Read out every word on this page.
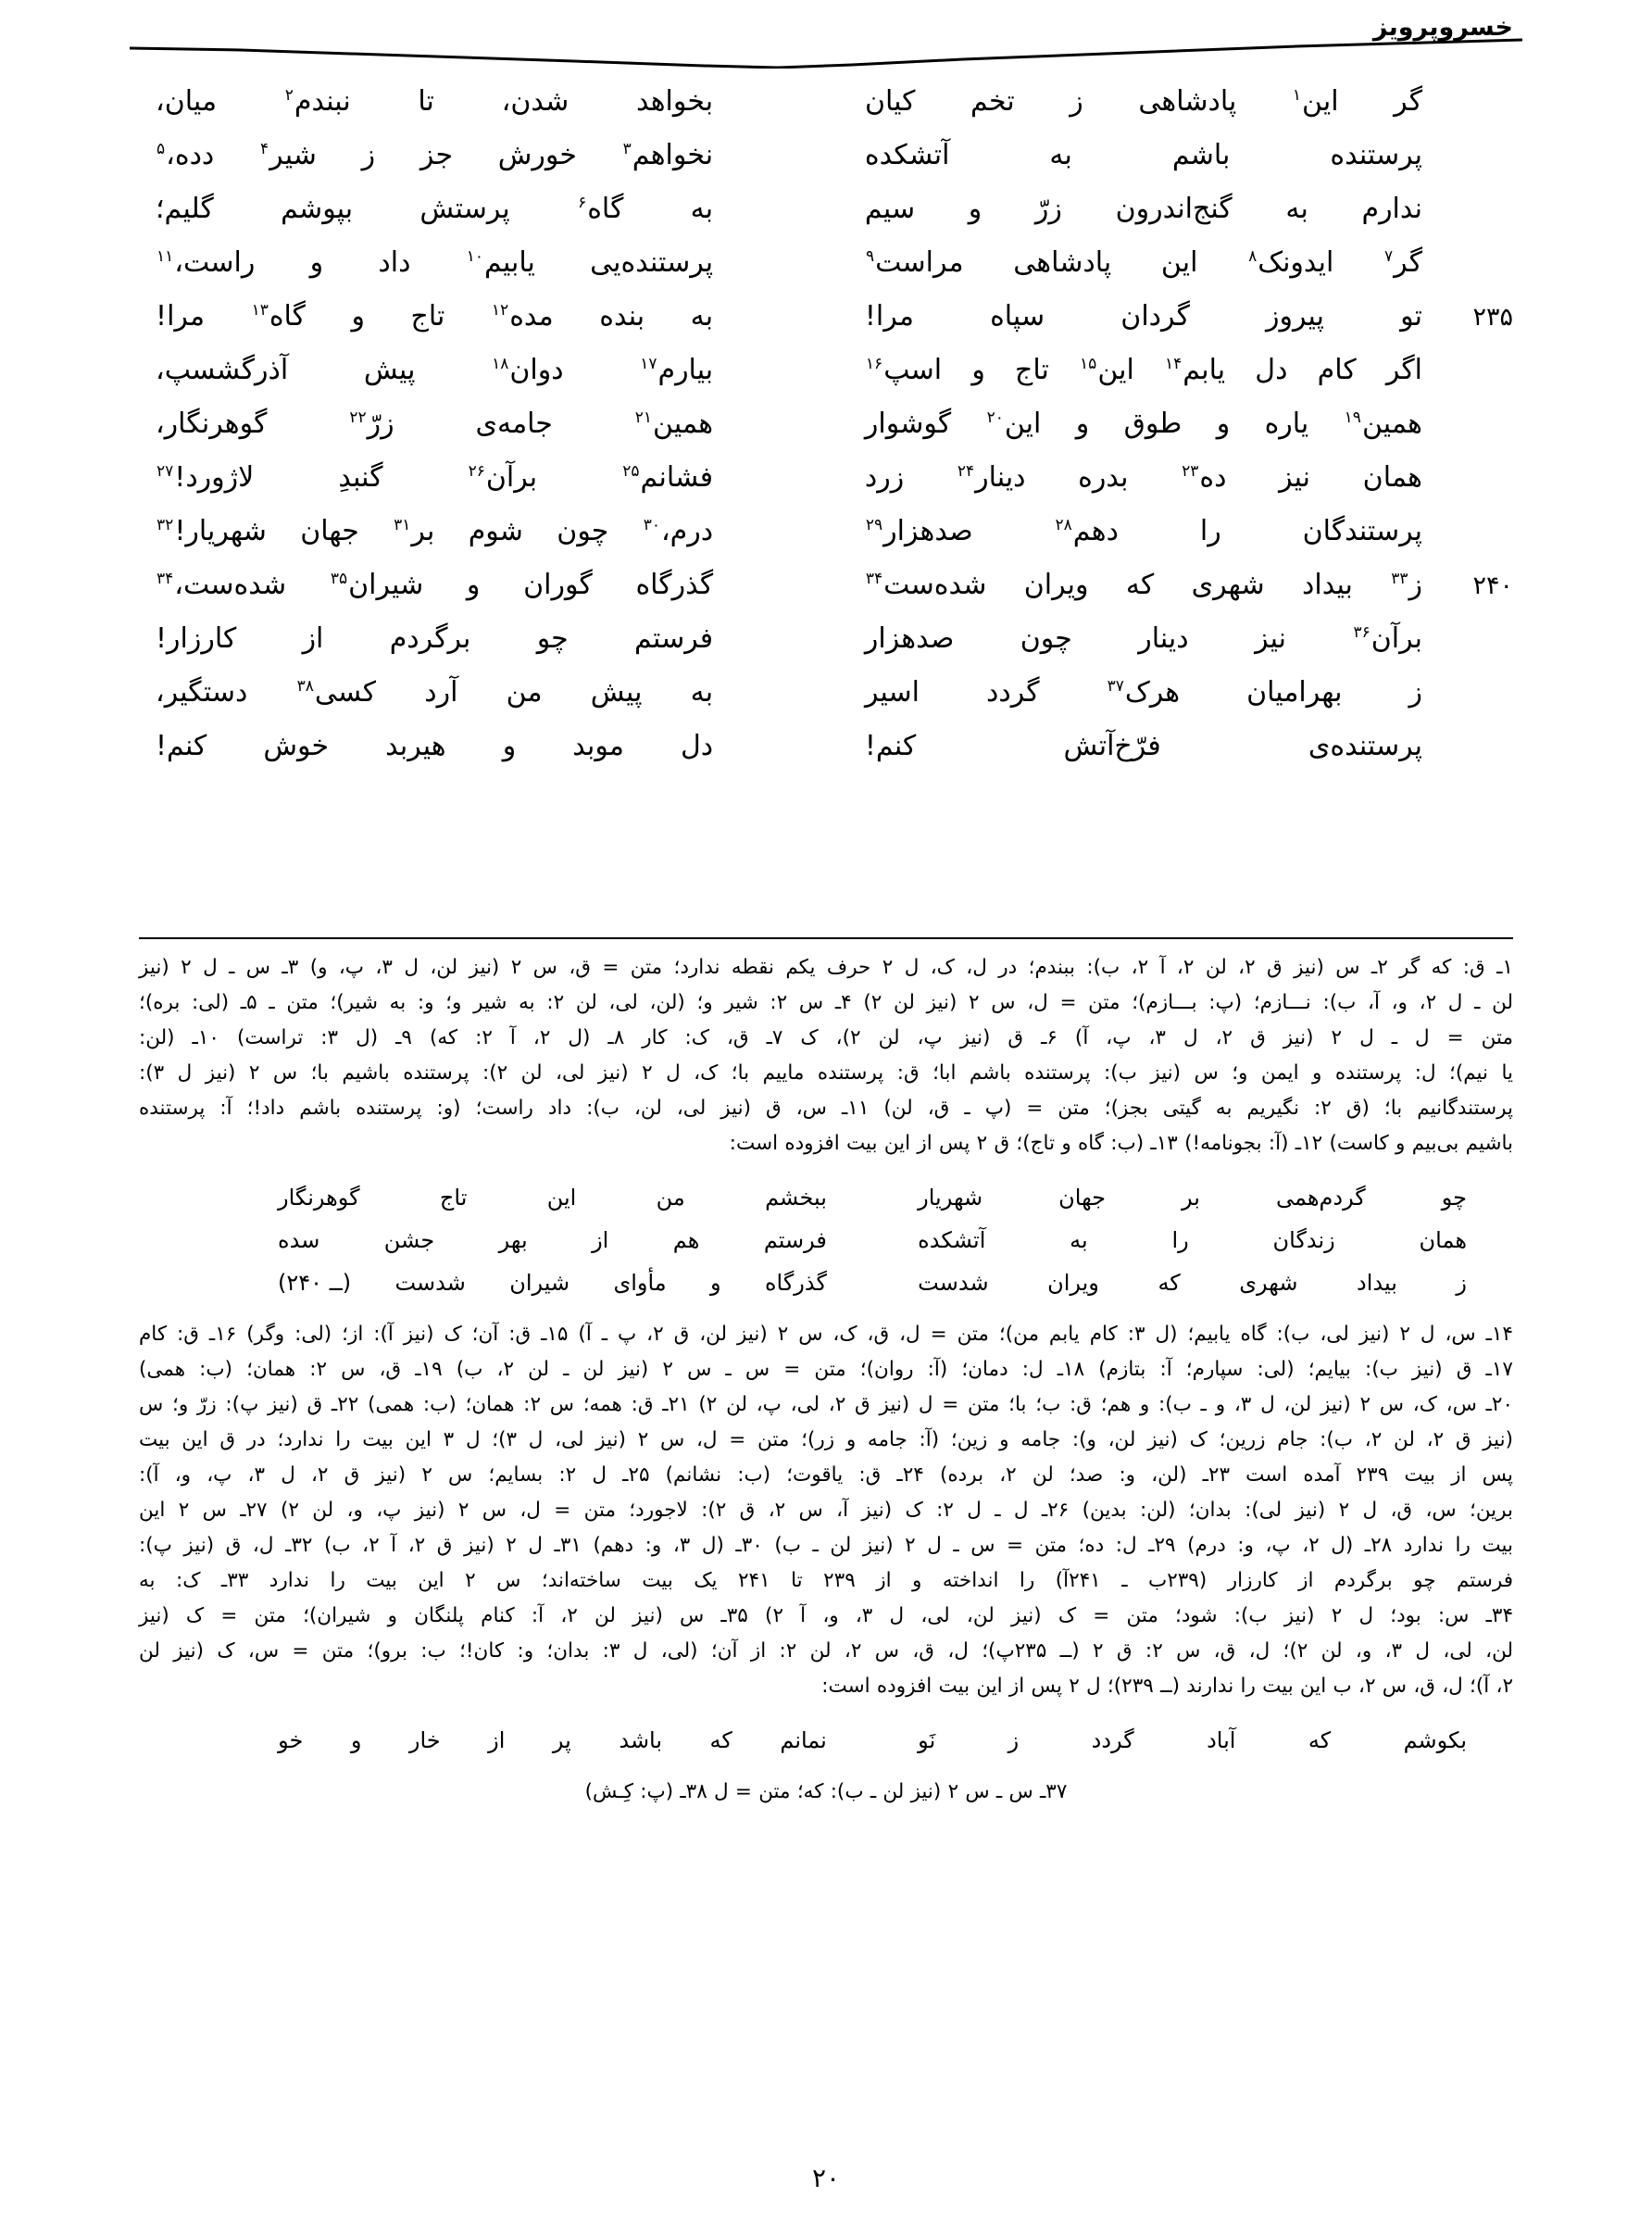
خسروپرویز
گر
این$^۱$
پادشاهی
ز
تخم
کیان
بخواهد
شدن،
تا
نبندم$^۲$
میان،
پرستنده
باشم
به
آتشکده
نخواهم$^۳$
خورش
جز
ز
شیر$^۴$
دده،$^۵$
ندارم
به
گنج‌اندرون
زرّ
و
سیم
به
گاه$^۶$
پرستش
بپوشم
گلیم؛
گر$^۷$
ایدونک$^۸$
این
پادشاهی
مراست$^۹$
پرستنده‌یی
یابیم$^{۱۰}$
داد
و
راست،$^{۱۱}$
۲۳۵
تو
پیروز
گردان
سپاه
مرا!
به
بنده
مده$^{۱۲}$
تاج
و
گاه$^{۱۳}$
مرا!
اگر
کام
دل
یابم$^{۱۴}$
این$^{۱۵}$
تاج
و
اسپ$^{۱۶}$
بیارم$^{۱۷}$
دوان$^{۱۸}$
پیش
آذرگشسپ،
همین$^{۱۹}$
یاره
و
طوق
و
این$^{۲۰}$
گوشوار
همین$^{۲۱}$
جامه‌ی
زرّ$^{۲۲}$
گوهرنگار،
همان
نیز
ده$^{۲۳}$
بدره
دینار$^{۲۴}$
زرد
فشانم$^{۲۵}$
برآن$^{۲۶}$
گنبدِ
لاژورد!$^{۲۷}$
پرستندگان
را
دهم$^{۲۸}$
صدهزار$^{۲۹}$
درم،$^{۳۰}$
چون
شوم
بر$^{۳۱}$
جهان
شهریار!$^{۳۲}$
۲۴۰
ز$^{۳۳}$
بیداد
شهری
که
ویران
شده‌ست$^{۳۴}$
گذرگاه
گوران
و
شیران$^{۳۵}$
شده‌ست،$^{۳۴}$
برآن$^{۳۶}$
نیز
دینار
چون
صدهزار
فرستم
چو
برگردم
از
کارزار!
ز
بهرامیان
هرک$^{۳۷}$
گردد
اسیر
به
پیش
من
آرد
کسی$^{۳۸}$
دستگیر،
پرستنده‌ی
فرّخ‌آتش
کنم!
دل
موبد
و
هیربد
خوش
کنم!

۱ـ ق: که گر ۲ـ س (نیز ق ۲، لن ۲، آ ۲، ب): ببندم؛ در ل، ک، ل ۲ حرف یکم نقطه ندارد؛ متن = ق، س ۲ (نیز لن، ل ۳، پ، و) ۳ـ س ـ ل ۲ (نیز

لن ـ ل ۲، و، آ، ب): نـــازم؛ (پ: بـــازم)؛ متن = ل، س ۲ (نیز لن ۲) ۴ـ س ۲: شیر و؛ (لن، لی، لن ۲: به شیر و؛ و: به شیر)؛ متن ـ ۵ـ (لی: بره)؛

متن = ل ـ ل ۲ (نیز ق ۲، ل ۳، پ، آ) ۶ـ ق (نیز پ، لن ۲)، ک ۷ـ ق، ک: کار ۸ـ (ل ۲، آ ۲: که) ۹ـ (ل ۳: تراست) ۱۰ـ (لن:

یا نیم)؛ ل: پرستنده و ایمن و؛ س (نیز ب): پرستنده باشم ابا؛ ق: پرستنده ماییم با؛ ک، ل ۲ (نیز لی، لن ۲): پرستنده باشیم با؛ س ۲ (نیز ل ۳):

پرستندگانیم با؛ (ق ۲: نگیریم به گیتی بجز)؛ متن = (پ ـ ق، لن) ۱۱ـ س، ق (نیز لی، لن، ب): داد راست؛ (و: پرستنده باشم داد!؛ آ: پرستنده

باشیم بی‌بیم و کاست) ۱۲ـ (آ: بجونامه!) ۱۳ـ (ب: گاه و تاج)؛ ق ۲ پس از این بیت افزوده است:

چو
گردم‌همی
بر
جهان
شهریار
ببخشم
من
این
تاج
گوهرنگار
همان
زندگان
را
به
آتشکده
فرستم
هم
از
بهر
جشن
سده
ز
بیداد
شهری
که
ویران
شدست
گذرگاه
و
مأوای
شیران
شدست
(ــ ۲۴۰)

۱۴ـ س، ل ۲ (نیز لی، ب): گاه یابیم؛ (ل ۳: کام یابم من)؛ متن = ل، ق، ک، س ۲ (نیز لن، ق ۲، پ ـ آ) ۱۵ـ ق: آن؛ ک (نیز آ): از؛ (لی: وگر) ۱۶ـ ق: کام

۱۷ـ ق (نیز ب): بیایم؛ (لی: سپارم؛ آ: بتازم) ۱۸ـ ل: دمان؛ (آ: روان)؛ متن = س ـ س ۲ (نیز لن ـ لن ۲، ب) ۱۹ـ ق، س ۲: همان؛ (ب: همی)

۲۰ـ س، ک، س ۲ (نیز لن، ل ۳، و ـ ب): و هم؛ ق: ب؛ با؛ متن = ل (نیز ق ۲، لی، پ، لن ۲) ۲۱ـ ق: همه؛ س ۲: همان؛ (ب: همی) ۲۲ـ ق (نیز پ): زرّ و؛ س

(نیز ق ۲، لن ۲، ب): جام زرین؛ ک (نیز لن، و): جامه و زین؛ (آ: جامه و زر)؛ متن = ل، س ۲ (نیز لی، ل ۳)؛ ل ۳ این بیت را ندارد؛ در ق این بیت

پس از بیت ۲۳۹ آمده است ۲۳ـ (لن، و: صد؛ لن ۲، برده) ۲۴ـ ق: یاقوت؛ (ب: نشانم) ۲۵ـ ل ۲: بسایم؛ س ۲ (نیز ق ۲، ل ۳، پ، و، آ):

برین؛ س، ق، ل ۲ (نیز لی): بدان؛ (لن: بدین) ۲۶ـ ل ـ ل ۲: ک (نیز آ، س ۲، ق ۲): لاجورد؛ متن = ل، س ۲ (نیز پ، و، لن ۲) ۲۷ـ س ۲ این

بیت را ندارد ۲۸ـ (ل ۲، پ، و: درم) ۲۹ـ ل: ده؛ متن = س ـ ل ۲ (نیز لن ـ ب) ۳۰ـ (ل ۳، و: دهم) ۳۱ـ ل ۲ (نیز ق ۲، آ ۲، ب) ۳۲ـ ل، ق (نیز پ):

فرستم چو برگردم از کارزار (۲۳۹ب ـ ۲۴۱آ) را انداخته و از ۲۳۹ تا ۲۴۱ یک بیت ساخته‌اند؛ س ۲ این بیت را ندارد ۳۳ـ ک: به

۳۴ـ س: بود؛ ل ۲ (نیز ب): شود؛ متن = ک (نیز لن، لی، ل ۳، و، آ ۲) ۳۵ـ س (نیز لن ۲، آ: کنام پلنگان و شیران)؛ متن = ک (نیز

لن، لی، ل ۳، و، لن ۲)؛ ل، ق، س ۲: ق ۲ (ــ ۲۳۵پ)؛ ل، ق، س ۲، لن ۲: از آن؛ (لی، ل ۳: بدان؛ و: کان!؛ ب: برو)؛ متن = س، ک (نیز لن

۲، آ)؛ ل، ق، س ۲، ب این بیت را ندارند (ــ ۲۳۹)؛ ل ۲ پس از این بیت افزوده است:

بکوشم
که
آباد
گردد
ز
نَو
نمانم
که
باشد
پر
از
خار
و
خو

۳۷ـ س ـ س ۲ (نیز لن ـ ب): که؛ متن = ل ۳۸ـ (پ: کِـش)

۲۰
